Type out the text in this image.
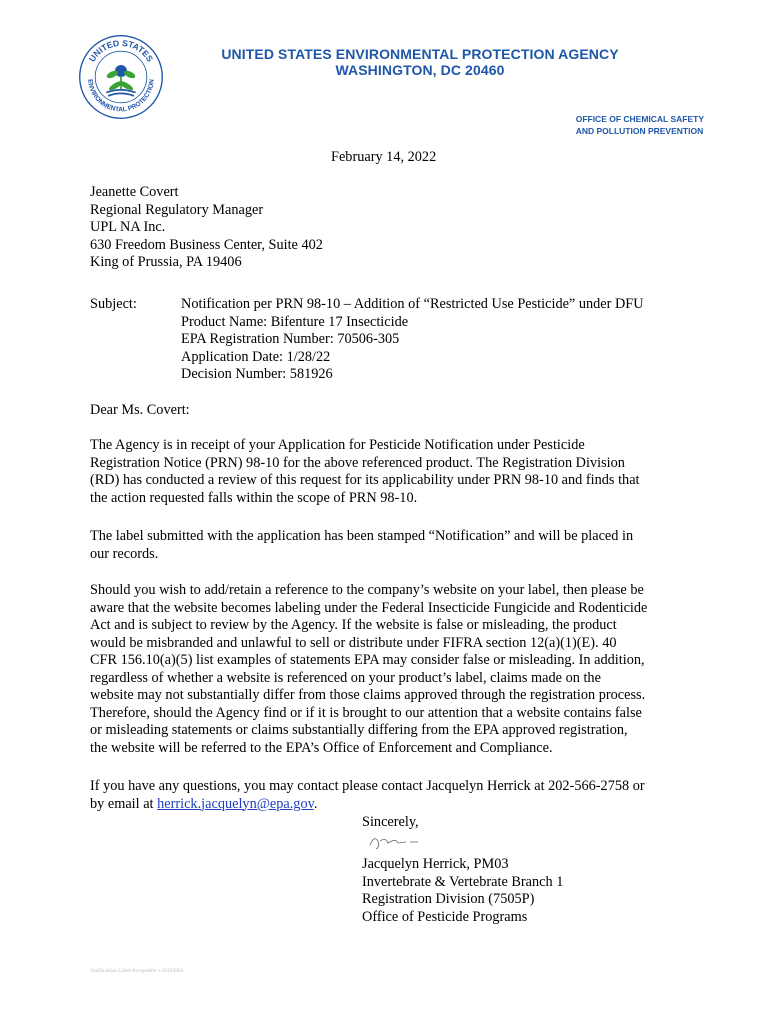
UNITED STATES
ENVIRONMENTAL PROTECTION
UNITED STATES ENVIRONMENTAL PROTECTION AGENCY
WASHINGTON, DC 20460
OFFICE OF CHEMICAL SAFETY
AND POLLUTION PREVENTION
February 14, 2022
Jeanette Covert
Regional Regulatory Manager
UPL NA Inc.
630 Freedom Business Center, Suite 402
King of Prussia, PA 19406
Subject:	Notification per PRN 98-10 – Addition of “Restricted Use Pesticide” under DFU
Product Name: Bifenture 17 Insecticide
EPA Registration Number: 70506-305
Application Date: 1/28/22
Decision Number: 581926
Dear Ms. Covert:
The Agency is in receipt of your Application for Pesticide Notification under Pesticide
Registration Notice (PRN) 98-10 for the above referenced product. The Registration Division
(RD) has conducted a review of this request for its applicability under PRN 98-10 and finds that
the action requested falls within the scope of PRN 98-10.
The label submitted with the application has been stamped “Notification” and will be placed in
our records.
Should you wish to add/retain a reference to the company’s website on your label, then please be
aware that the website becomes labeling under the Federal Insecticide Fungicide and Rodenticide
Act and is subject to review by the Agency. If the website is false or misleading, the product
would be misbranded and unlawful to sell or distribute under FIFRA section 12(a)(1)(E). 40
CFR 156.10(a)(5) list examples of statements EPA may consider false or misleading. In addition,
regardless of whether a website is referenced on your product’s label, claims made on the
website may not substantially differ from those claims approved through the registration process.
Therefore, should the Agency find or if it is brought to our attention that a website contains false
or misleading statements or claims substantially differing from the EPA approved registration,
the website will be referred to the EPA’s Office of Enforcement and Compliance.
If you have any questions, you may contact please contact Jacquelyn Herrick at 202-566-2758 or
by email at herrick.jacquelyn@epa.gov.
Sincerely,
Jacquelyn Herrick, PM03
Invertebrate & Vertebrate Branch 1
Registration Division (7505P)
Office of Pesticide Programs
Notification Label Acceptable v.20150904
